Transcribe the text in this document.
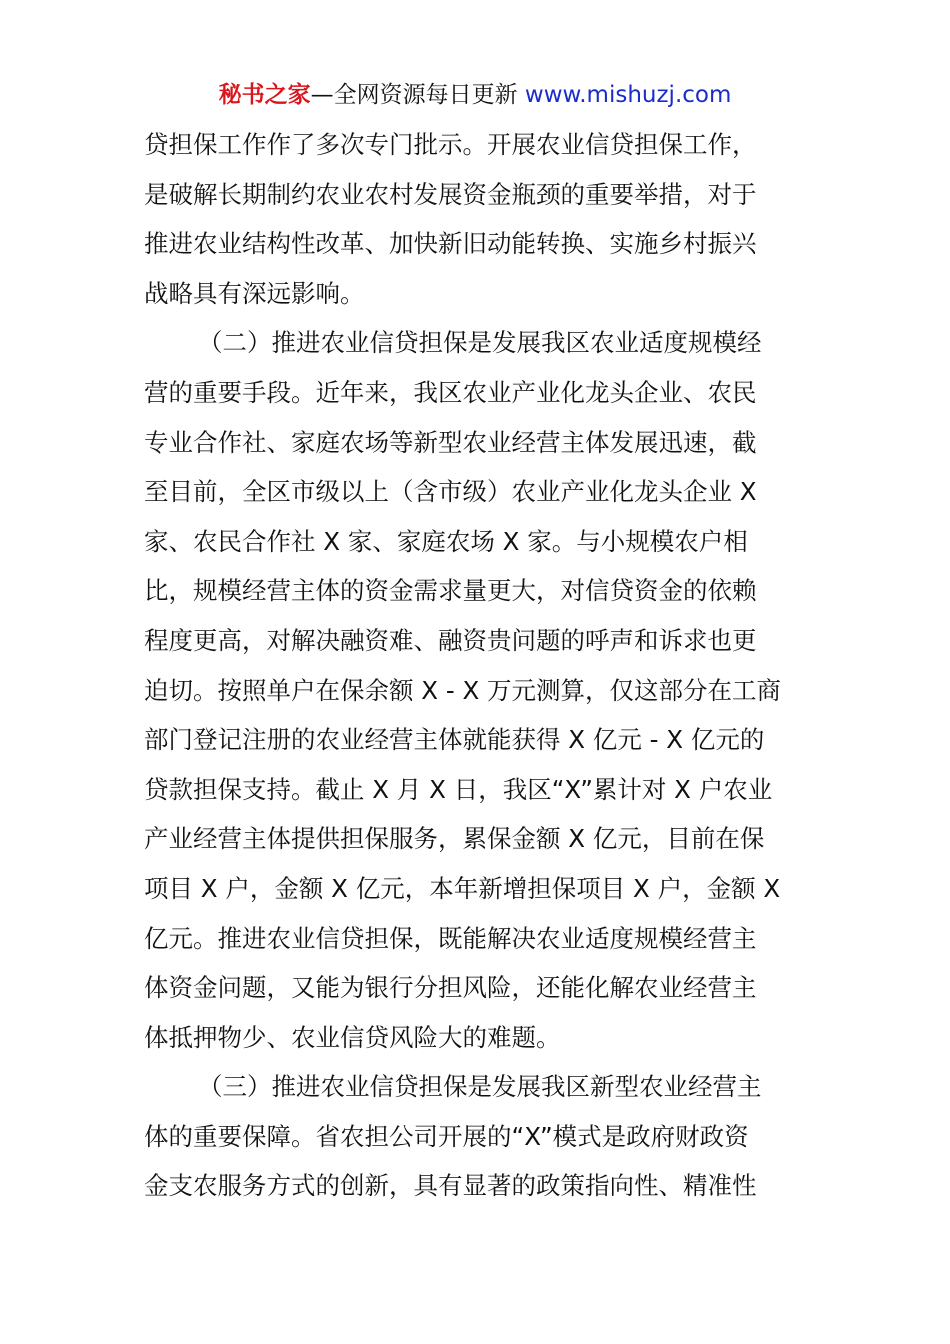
秘书之家—全网资源每日更新 www.mishuzj.com
贷担保工作作了多次专门批示。开展农业信贷担保工作，
是破解长期制约农业农村发展资金瓶颈的重要举措，对于
推进农业结构性改革、加快新旧动能转换、实施乡村振兴
战略具有深远影响。
（二）推进农业信贷担保是发展我区农业适度规模经
营的重要手段。近年来，我区农业产业化龙头企业、农民
专业合作社、家庭农场等新型农业经营主体发展迅速，截
至目前，全区市级以上（含市级）农业产业化龙头企业 X
家、农民合作社 X 家、家庭农场 X 家。与小规模农户相
比，规模经营主体的资金需求量更大，对信贷资金的依赖
程度更高，对解决融资难、融资贵问题的呼声和诉求也更
迫切。按照单户在保余额 X - X 万元测算，仅这部分在工商
部门登记注册的农业经营主体就能获得 X 亿元 - X 亿元的
贷款担保支持。截止 X 月 X 日，我区“X”累计对 X 户农业
产业经营主体提供担保服务，累保金额 X 亿元，目前在保
项目 X 户，金额 X 亿元，本年新增担保项目 X 户，金额 X
亿元。推进农业信贷担保，既能解决农业适度规模经营主
体资金问题，又能为银行分担风险，还能化解农业经营主
体抵押物少、农业信贷风险大的难题。
（三）推进农业信贷担保是发展我区新型农业经营主
体的重要保障。省农担公司开展的“X”模式是政府财政资
金支农服务方式的创新，具有显著的政策指向性、精准性
